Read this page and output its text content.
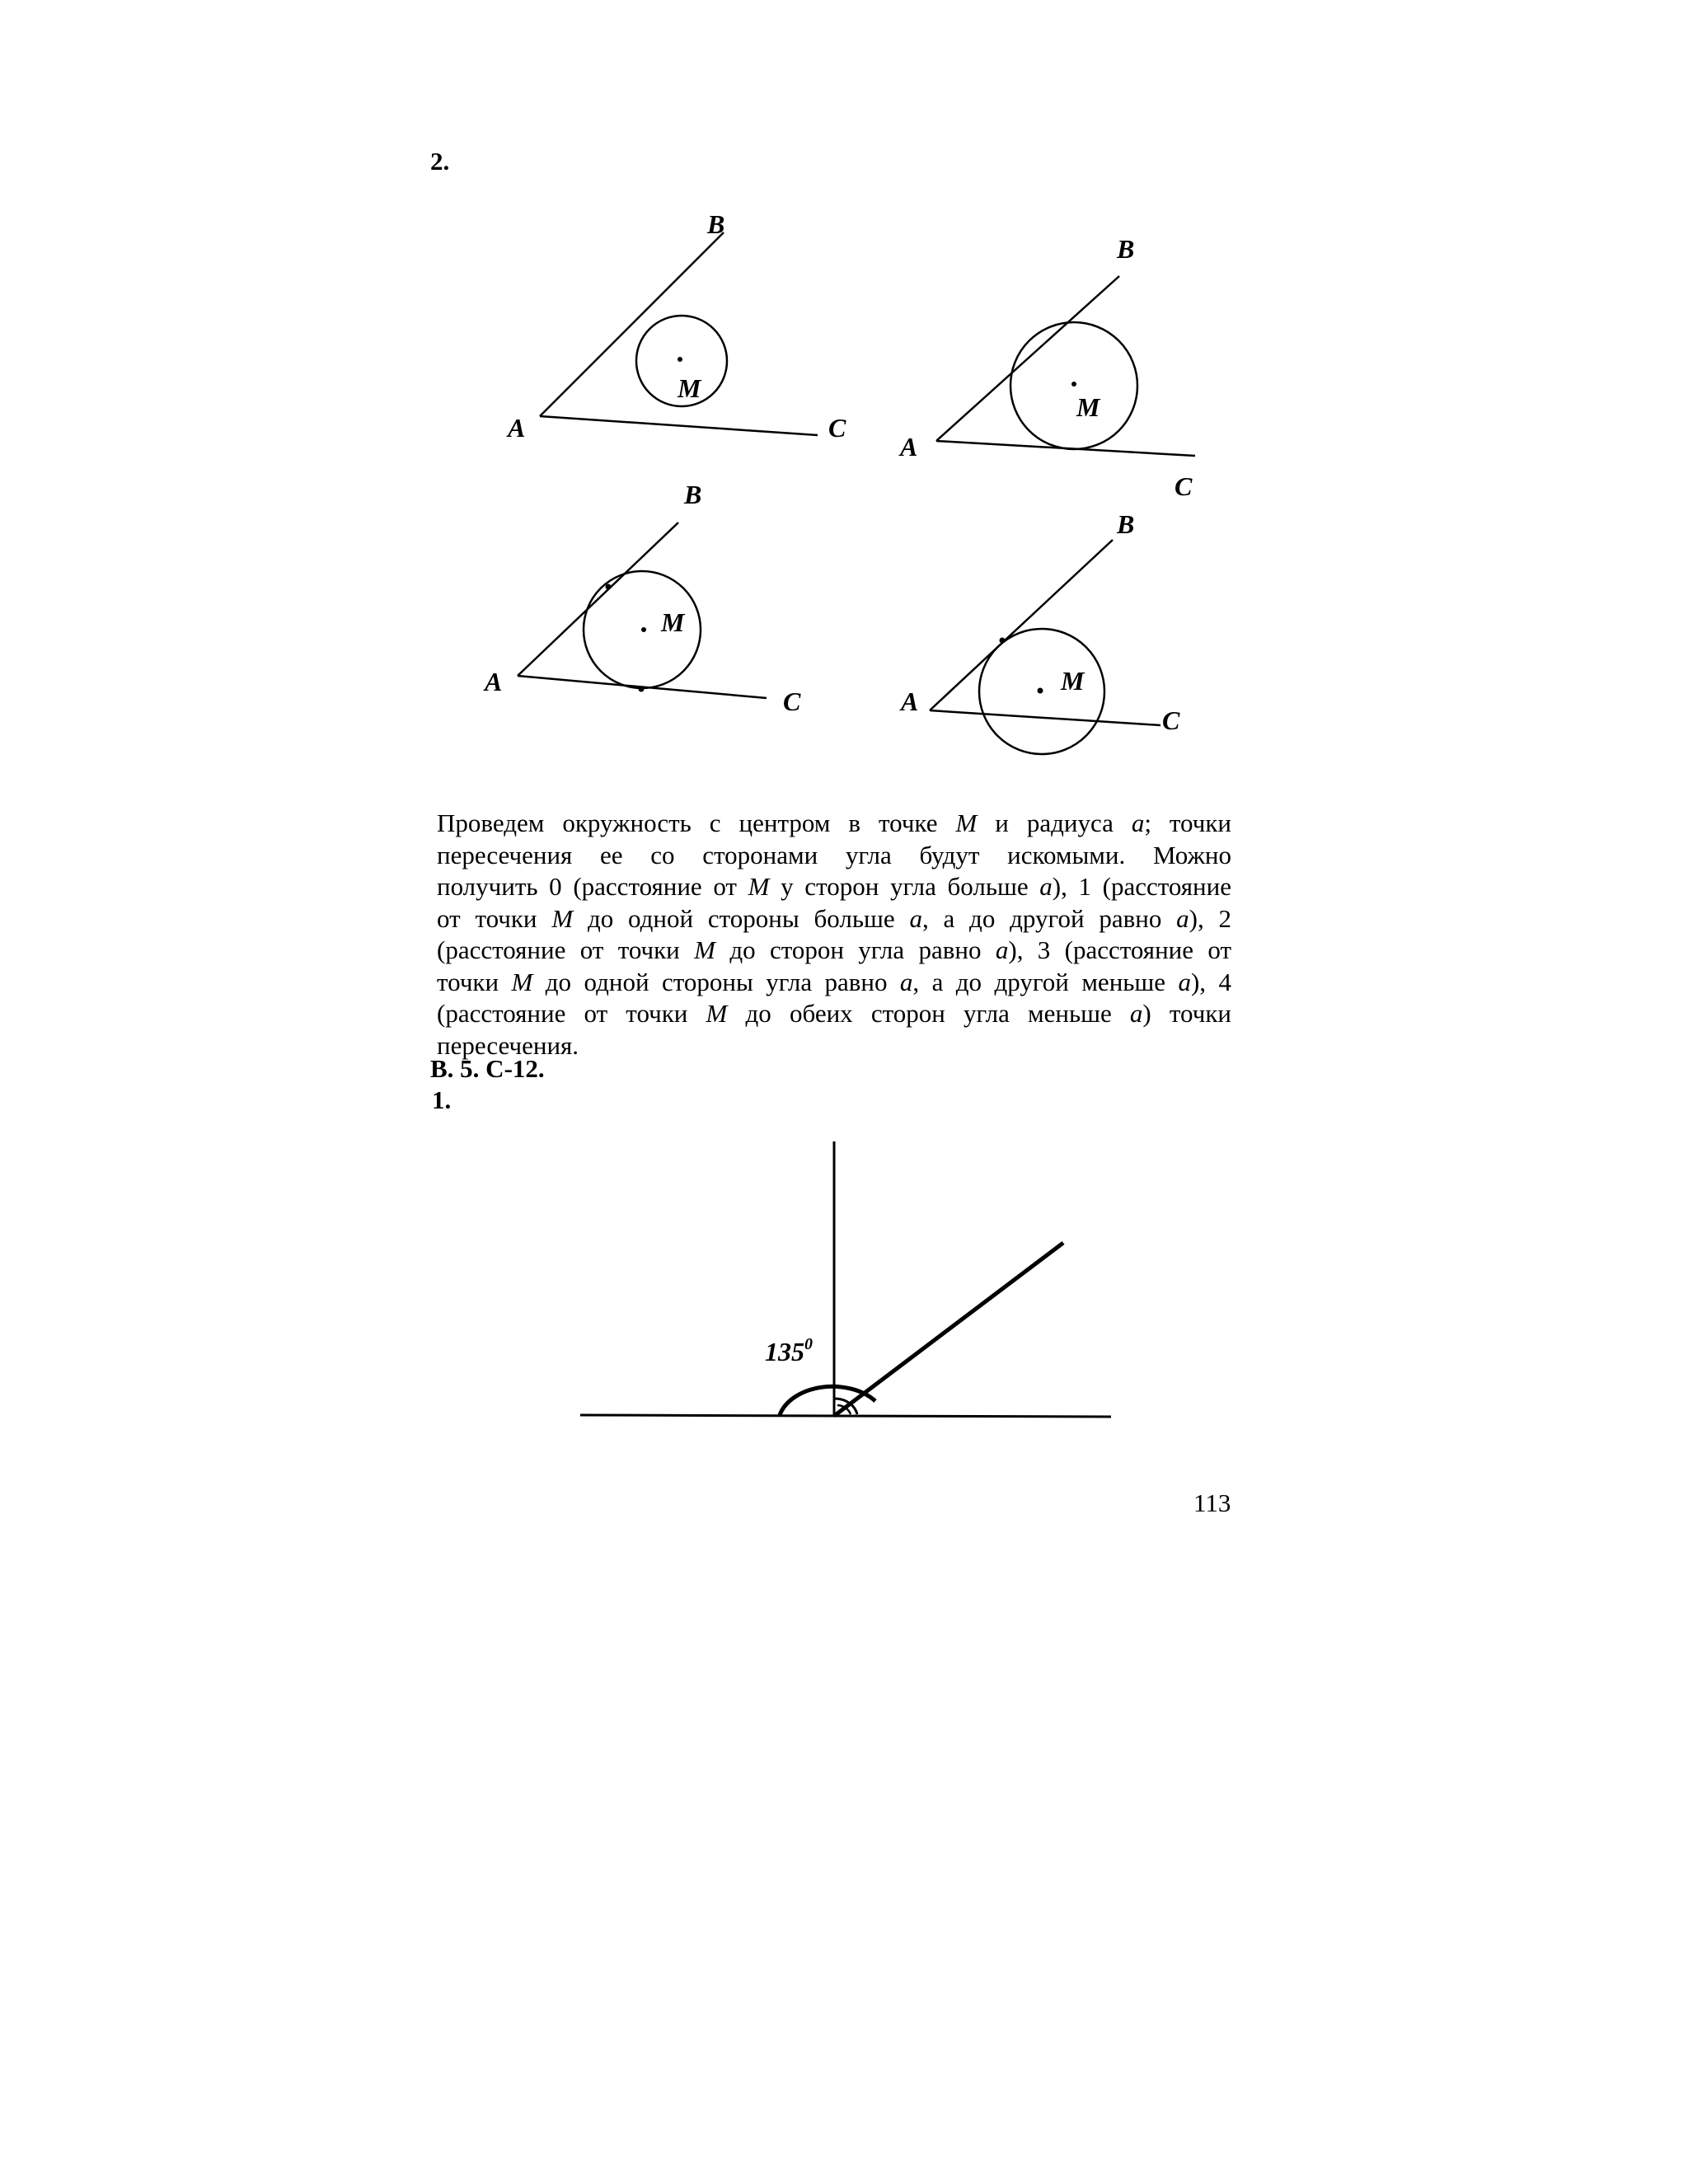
2.
B
A	C
M
B
A
C
M
B
A
C
M
B
A
C
M
Проведем окружность с центром в точке M и радиуса a; точки
пересечения ее со сторонами угла будут искомыми. Можно
получить 0 (расстояние от M у сторон угла больше a), 1 (расстояние
от точки M до одной стороны больше a, а до другой равно a), 2
(расстояние от точки M до сторон угла равно a), 3 (расстояние от
точки M до одной стороны угла равно a, а до другой меньше a), 4
(расстояние от точки M до обеих сторон угла меньше a) точки
пересечения.
В. 5. С-12.
1.
$135^0$
113
